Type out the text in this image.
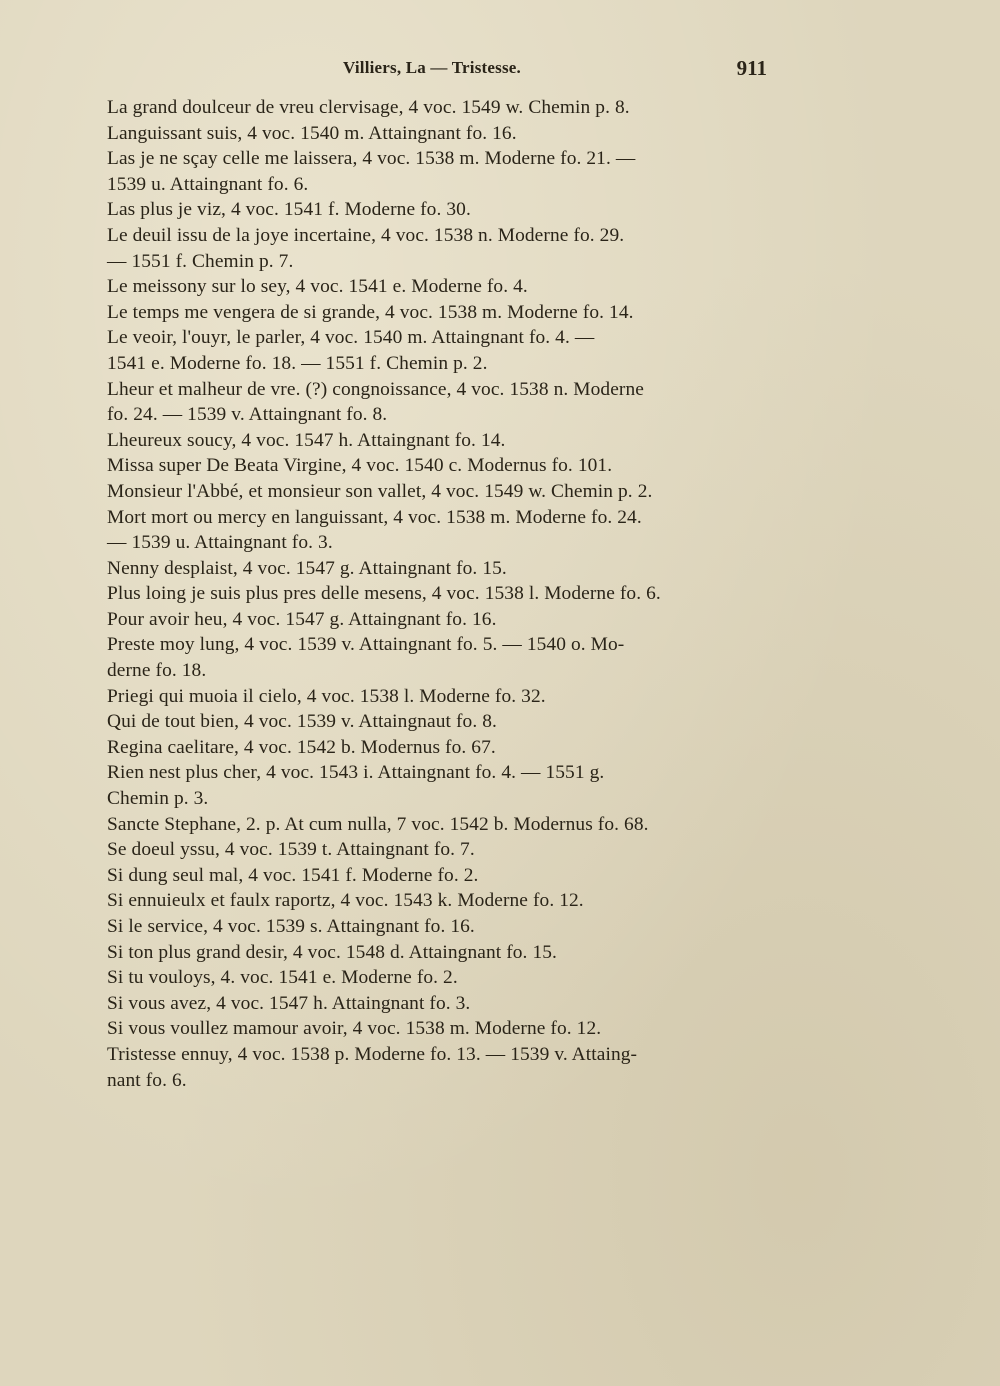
Villiers, La — Tristesse.	911
La grand doulceur de vreu clervisage, 4 voc. 1549 w. Chemin p. 8.
Languissant suis, 4 voc. 1540 m. Attaingnant fo. 16.
Las je ne sçay celle me laissera, 4 voc. 1538 m. Moderne fo. 21. —
1539 u. Attaingnant fo. 6.
Las plus je viz, 4 voc. 1541 f. Moderne fo. 30.
Le deuil issu de la joye incertaine, 4 voc. 1538 n. Moderne fo. 29.
— 1551 f. Chemin p. 7.
Le meissony sur lo sey, 4 voc. 1541 e. Moderne fo. 4.
Le temps me vengera de si grande, 4 voc. 1538 m. Moderne fo. 14.
Le veoir, l'ouyr, le parler, 4 voc. 1540 m. Attaingnant fo. 4. —
1541 e. Moderne fo. 18. — 1551 f. Chemin p. 2.
Lheur et malheur de vre. (?) congnoissance, 4 voc. 1538 n. Moderne
fo. 24. — 1539 v. Attaingnant fo. 8.
Lheureux soucy, 4 voc. 1547 h. Attaingnant fo. 14.
Missa super De Beata Virgine, 4 voc. 1540 c. Modernus fo. 101.
Monsieur l'Abbé, et monsieur son vallet, 4 voc. 1549 w. Chemin p. 2.
Mort mort ou mercy en languissant, 4 voc. 1538 m. Moderne fo. 24.
— 1539 u. Attaingnant fo. 3.
Nenny desplaist, 4 voc. 1547 g. Attaingnant fo. 15.
Plus loing je suis plus pres delle mesens, 4 voc. 1538 l. Moderne fo. 6.
Pour avoir heu, 4 voc. 1547 g. Attaingnant fo. 16.
Preste moy lung, 4 voc. 1539 v. Attaingnant fo. 5. — 1540 o. Mo-
derne fo. 18.
Priegi qui muoia il cielo, 4 voc. 1538 l. Moderne fo. 32.
Qui de tout bien, 4 voc. 1539 v. Attaingnaut fo. 8.
Regina caelitare, 4 voc. 1542 b. Modernus fo. 67.
Rien nest plus cher, 4 voc. 1543 i. Attaingnant fo. 4. — 1551 g.
Chemin p. 3.
Sancte Stephane, 2. p. At cum nulla, 7 voc. 1542 b. Modernus fo. 68.
Se doeul yssu, 4 voc. 1539 t. Attaingnant fo. 7.
Si dung seul mal, 4 voc. 1541 f. Moderne fo. 2.
Si ennuieulx et faulx raportz, 4 voc. 1543 k. Moderne fo. 12.
Si le service, 4 voc. 1539 s. Attaingnant fo. 16.
Si ton plus grand desir, 4 voc. 1548 d. Attaingnant fo. 15.
Si tu vouloys, 4. voc. 1541 e. Moderne fo. 2.
Si vous avez, 4 voc. 1547 h. Attaingnant fo. 3.
Si vous voullez mamour avoir, 4 voc. 1538 m. Moderne fo. 12.
Tristesse ennuy, 4 voc. 1538 p. Moderne fo. 13. — 1539 v. Attaing-
nant fo. 6.
